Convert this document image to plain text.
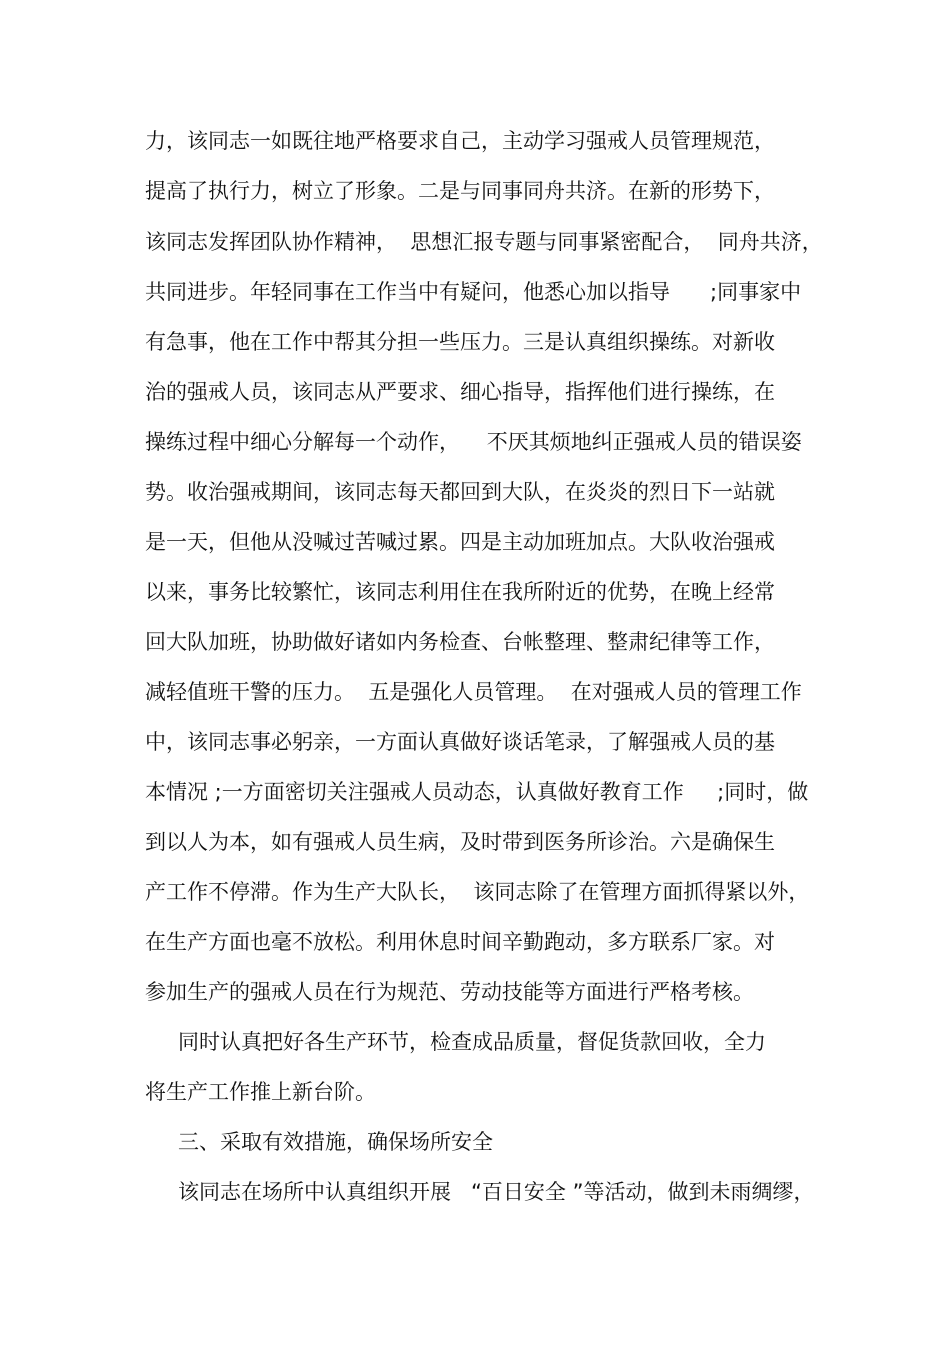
力，该同志一如既往地严格要求自己，主动学习强戒人员管理规范，
提高了执行力，树立了形象。二是与同事同舟共济。在新的形势下，
该同志发挥团队协作精神，  思想汇报专题与同事紧密配合，  同舟共济，
共同进步。年轻同事在工作当中有疑问，他悉心加以指导      ;同事家中
有急事，他在工作中帮其分担一些压力。三是认真组织操练。对新收
治的强戒人员，该同志从严要求、细心指导，指挥他们进行操练，在
操练过程中细心分解每一个动作，    不厌其烦地纠正强戒人员的错误姿
势。收治强戒期间，该同志每天都回到大队，在炎炎的烈日下一站就
是一天，但他从没喊过苦喊过累。四是主动加班加点。大队收治强戒
以来，事务比较繁忙，该同志利用住在我所附近的优势，在晚上经常
回大队加班，协助做好诸如内务检查、台帐整理、整肃纪律等工作，
减轻值班干警的压力。  五是强化人员管理。  在对强戒人员的管理工作
中，该同志事必躬亲，一方面认真做好谈话笔录，了解强戒人员的基
本情况 ;一方面密切关注强戒人员动态，认真做好教育工作     ;同时，做
到以人为本，如有强戒人员生病，及时带到医务所诊治。六是确保生
产工作不停滞。作为生产大队长，  该同志除了在管理方面抓得紧以外，
在生产方面也毫不放松。利用休息时间辛勤跑动，多方联系厂家。对
参加生产的强戒人员在行为规范、劳动技能等方面进行严格考核。
同时认真把好各生产环节，检查成品质量，督促货款回收，全力
将生产工作推上新台阶。
三、采取有效措施，确保场所安全
该同志在场所中认真组织开展   “百日安全 ”等活动，做到未雨绸缪，
